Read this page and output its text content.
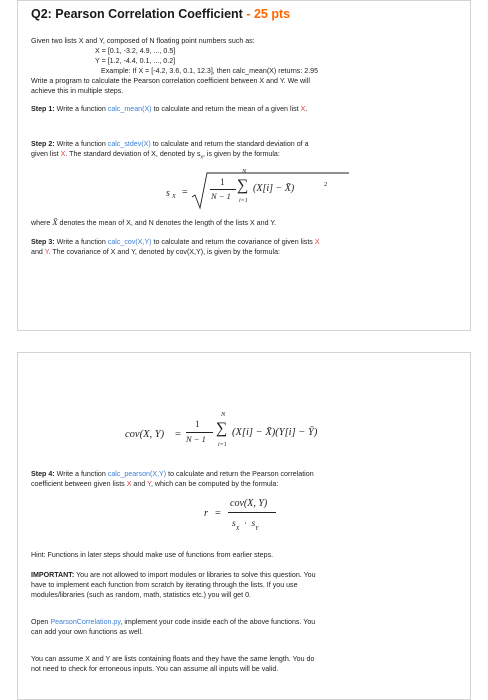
Q2: Pearson Correlation Coefficient - 25 pts
Given two lists X and Y, composed of N floating point numbers such as:
X = [0.1, -3.2, 4.9, ..., 0.5]
Y = [1.2, -4.4, 0.1, ..., 0.2]
Example: If X = [-4.2, 3.6, 0.1, 12.3], then calc_mean(X) returns: 2.95
Write a program to calculate the Pearson correlation coefficient between X and Y. We will
achieve this in multiple steps.
Step 1: Write a function calc_mean(X) to calculate and return the mean of a given list X.
Step 2: Write a function calc_stdev(X) to calculate and return the standard deviation of a
given list X. The standard deviation of X, denoted by $s_x$, is given by the formula:
s X =
1
N − 1
N
∑
i=1
(X[i] − X̄)	2
where X̄ denotes the mean of X, and N denotes the length of the lists X and Y.
Step 3: Write a function calc_cov(X,Y) to calculate and return the covariance of given lists X
and Y. The covariance of X and Y, denoted by cov(X,Y), is given by the formula:
cov(X, Y) =
1
N − 1
N
∑
i=1
(X[i] − X̄)(Y[i] − Ȳ)
Step 4: Write a function calc_pearson(X,Y) to calculate and return the Pearson correlation
coefficient between given lists X and Y, which can be computed by the formula:
r =
cov(X, Y)
$s_X \cdot s_Y$
Hint: Functions in later steps should make use of functions from earlier steps.
IMPORTANT: You are not allowed to import modules or libraries to solve this question. You
have to implement each function from scratch by iterating through the lists. If you use
modules/libraries (such as random, math, statistics etc.) you will get 0.
Open PearsonCorrelation.py, implement your code inside each of the above functions. You
can add your own functions as well.
You can assume X and Y are lists containing floats and they have the same length. You do
not need to check for erroneous inputs. You can assume all inputs will be valid.
